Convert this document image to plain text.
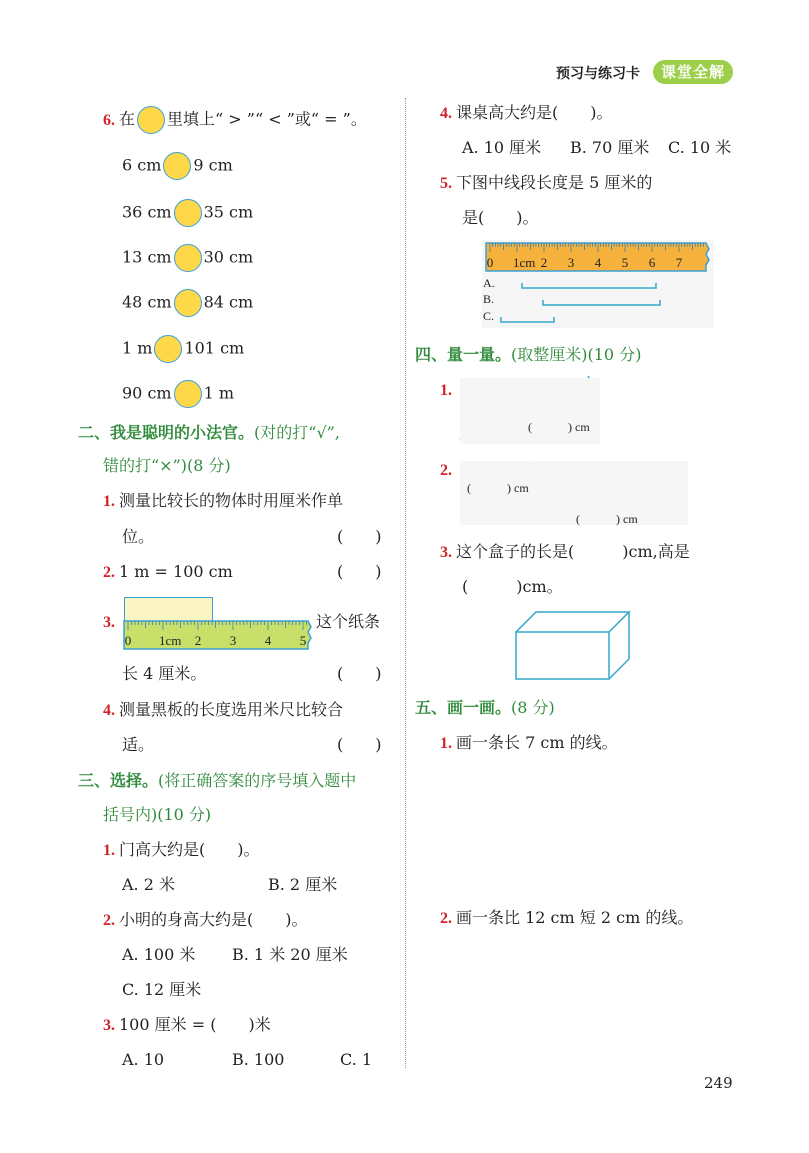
预习与练习卡	课堂全解
6. 在 里填上“ > ”“ < ”或“ = ”。
6 cm 9 cm
36 cm 35 cm
13 cm 30 cm
48 cm 84 cm
1 m 101 cm
90 cm 1 m
二、我是聪明的小法官。(对的打“√”,
错的打“×”)(8 分)
1. 测量比较长的物体时用厘米作单
位。	(　　)
2. 1 m = 100 cm	(　　)
3.
0 1cm 2 3 4 5
这个纸条
长 4 厘米。	(　　)
4. 测量黑板的长度选用米尺比较合
适。	(　　)
三、选择。(将正确答案的序号填入题中
括号内)(10 分)
1. 门高大约是(　　)。
A. 2 米	B. 2 厘米
2. 小明的身高大约是(　　)。
A. 100 米 B. 1 米 20 厘米
C. 12 厘米
3. 100 厘米 = (　　)米
A. 10	B. 100	C. 1
4. 课桌高大约是(　　)。
A. 10 厘米 B. 70 厘米 C. 10 米
5. 下图中线段长度是 5 厘米的
是(　　)。
0 1cm 2 3 4 5 6 7
A.
B.
C.
四、量一量。(取整厘米)(10 分)
1.
(　　　) cm
2.
(　　　) cm
(　　　) cm
3. 这个盒子的长是(　　　)cm,高是
(　　　)cm。
五、画一画。(8 分)
1. 画一条长 7 cm 的线。
2. 画一条比 12 cm 短 2 cm 的线。
249
